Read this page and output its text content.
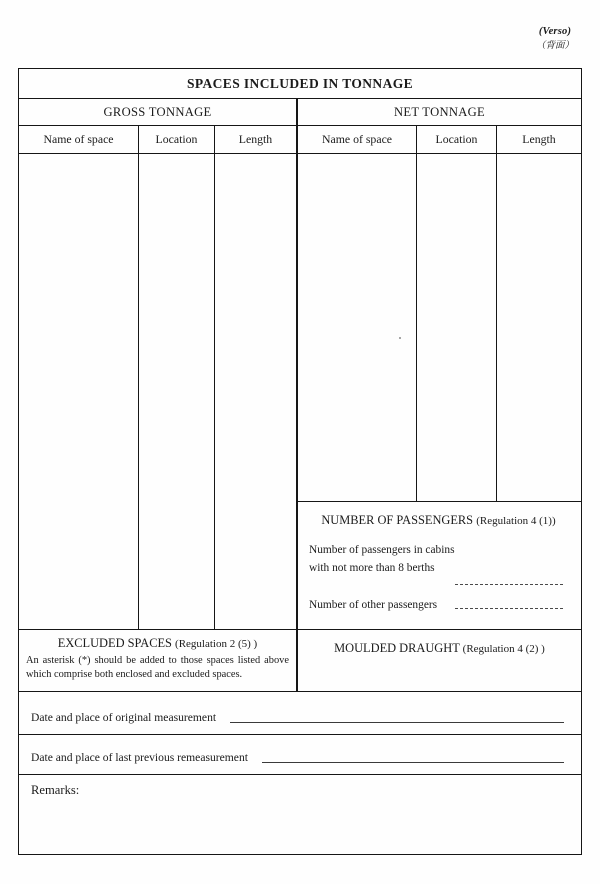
(Verso)
（背面）
SPACES INCLUDED IN TONNAGE
GROSS TONNAGE
Name of space	Location	Length
EXCLUDED SPACES (Regulation 2 (5) )
An asterisk (*) should be added to those spaces listed above which comprise both enclosed and excluded spaces.
NET TONNAGE
Name of space	Location	Length
NUMBER OF PASSENGERS (Regulation 4 (1))
Number of passengers in cabins
with not more than 8 berths
Number of other passengers
MOULDED DRAUGHT (Regulation 4 (2) )
Date and place of original measurement
Date and place of last previous remeasurement
Remarks:
